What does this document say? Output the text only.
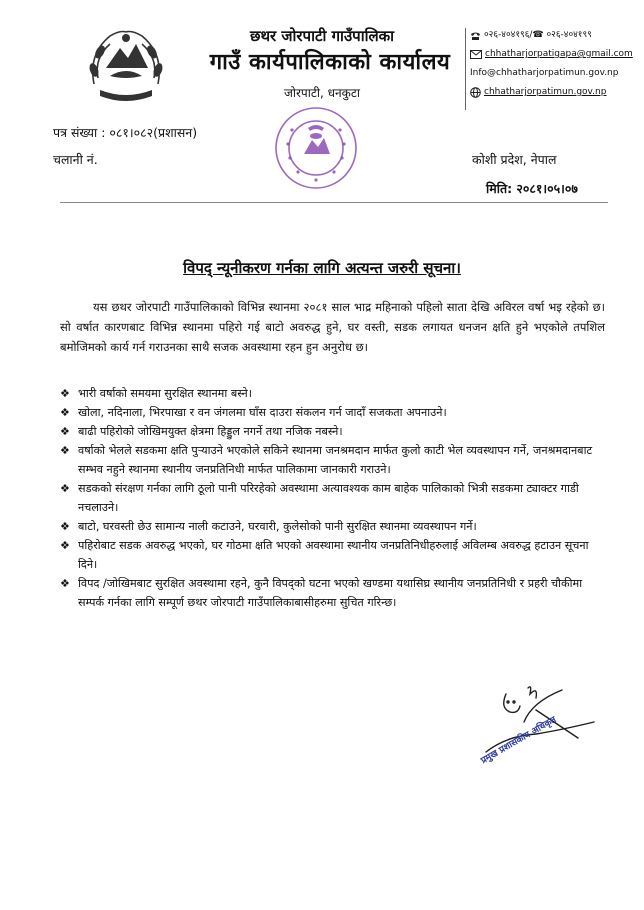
छथर जोरपाटी गाउँपालिका
गाउँ कार्यपालिकाको कार्यालय
जोरपाटी, धनकुटा
०२६-४०४१९६/☎ ०२६-४०४१९९
chhatharjorpatigapa@gmail.com
Info@chhatharjorpatimun.gov.np
chhatharjorpatimun.gov.np
पत्र संख्या : ०८१।०८२(प्रशासन)
चलानी नं.	कोशी प्रदेश, नेपाल
मिति: २०८१।०५।०७
विपद् न्यूनीकरण गर्नका लागि अत्यन्त जरुरी सूचना।
यस छथर जोरपाटी गाउँपालिकाको विभिन्न स्थानमा २०८१ साल भाद्र महिनाको पहिलो साता देखि अविरल वर्षा भइ रहेको छ। सो वर्षात कारणबाट विभिन्न स्थानमा पहिरो गई बाटो अवरुद्ध हुने, घर वस्ती, सडक लगायत धनजन क्षति हुने भएकोले तपशिल बमोजिमको कार्य गर्न गराउनका साथै सजक अवस्थामा रहन हुन अनुरोध छ।
❖ भारी वर्षाको समयमा सुरक्षित स्थानमा बस्ने।
❖ खोला, नदिनाला, भिरपाखा र वन जंगलमा घाँस दाउरा संकलन गर्न जादाँ सजकता अपनाउने।
❖ बाढी पहिरोको जोखिमयुक्त क्षेत्रमा हिड्डुल नगर्ने तथा नजिक नबस्ने।
❖ वर्षाको भेलले सडकमा क्षति पुऱ्याउने भएकोले सकिने स्थानमा जनश्रमदान मार्फत कुलो काटी भेल व्यवस्थापन गर्ने, जनश्रमदानबाट सम्भव नहुने स्थानमा स्थानीय जनप्रतिनिधी मार्फत पालिकामा जानकारी गराउने।
❖ सडकको संरक्षण गर्नका लागि ठूलो पानी परिरहेको अवस्थामा अत्यावश्यक काम बाहेक पालिकाको भित्री सडकमा ट्याक्टर गाडी नचलाउने।
❖ बाटो, घरवस्ती छेउ सामान्य नाली कटाउने, घरवारी, कुलेसोको पानी सुरक्षित स्थानमा व्यवस्थापन गर्ने।
❖ पहिरोबाट सडक अवरुद्ध भएको, घर गोठमा क्षति भएको अवस्थामा स्थानीय जनप्रतिनिधीहरुलाई अविलम्ब अवरुद्ध हटाउन सूचना दिने।
❖ विपद /जोखिमबाट सुरक्षित अवस्थामा रहने, कुनै विपद्को घटना भएको खण्डमा यथासिघ्र स्थानीय जनप्रतिनिधी र प्रहरी चौकीमा सम्पर्क गर्नका लागि सम्पूर्ण छथर जोरपाटी गाउँपालिकाबासीहरुमा सुचित गरिन्छ।
प्रमुख प्रशासकीय अधिकृत
